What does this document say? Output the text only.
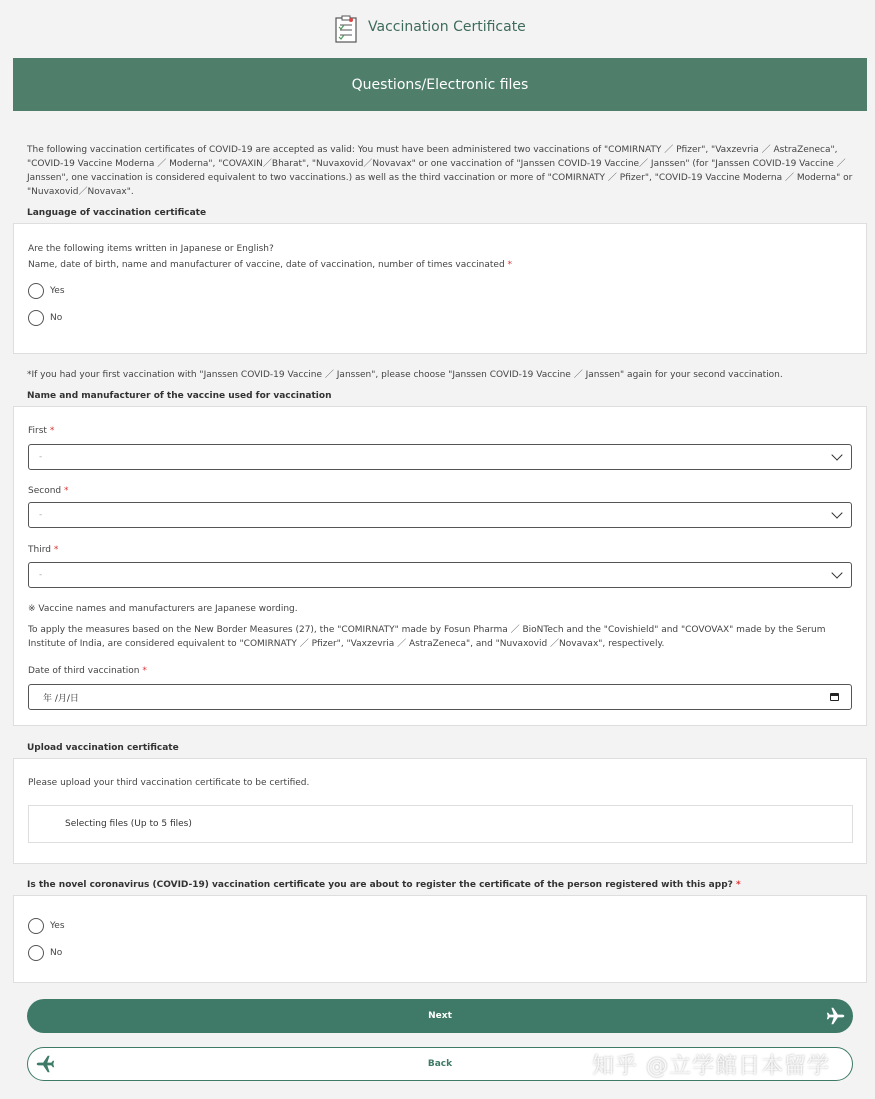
Vaccination Certificate
Questions/Electronic files
The following vaccination certificates of COVID-19 are accepted as valid: You must have been administered two vaccinations of "COMIRNATY ／ Pfizer", "Vaxzevria ／ AstraZeneca", "COVID-19 Vaccine Moderna ／ Moderna", "COVAXIN／Bharat", "Nuvaxovid／Novavax" or one vaccination of "Janssen COVID-19 Vaccine／ Janssen" (for "Janssen COVID-19 Vaccine ／ Janssen", one vaccination is considered equivalent to two vaccinations.) as well as the third vaccination or more of "COMIRNATY ／ Pfizer", "COVID-19 Vaccine Moderna ／ Moderna" or "Nuvaxovid／Novavax".
Language of vaccination certificate
Are the following items written in Japanese or English?
Name, date of birth, name and manufacturer of vaccine, date of vaccination, number of times vaccinated *
Yes
No
*If you had your first vaccination with "Janssen COVID-19 Vaccine ／ Janssen", please choose "Janssen COVID-19 Vaccine ／ Janssen" again for your second vaccination.
Name and manufacturer of the vaccine used for vaccination
First *
-
Second *
-
Third *
-
※ Vaccine names and manufacturers are Japanese wording.
To apply the measures based on the New Border Measures (27), the "COMIRNATY" made by Fosun Pharma ／ BioNTech and the "Covishield" and "COVOVAX" made by the Serum Institute of India, are considered equivalent to "COMIRNATY ／ Pfizer", "Vaxzevria ／ AstraZeneca", and "Nuvaxovid ／Novavax", respectively.
Date of third vaccination *
年 /月/日
Upload vaccination certificate
Please upload your third vaccination certificate to be certified.
Selecting files (Up to 5 files)
Is the novel coronavirus (COVID-19) vaccination certificate you are about to register the certificate of the person registered with this app? *
Yes
No
Next
Back	知乎 @立学館日本留学
